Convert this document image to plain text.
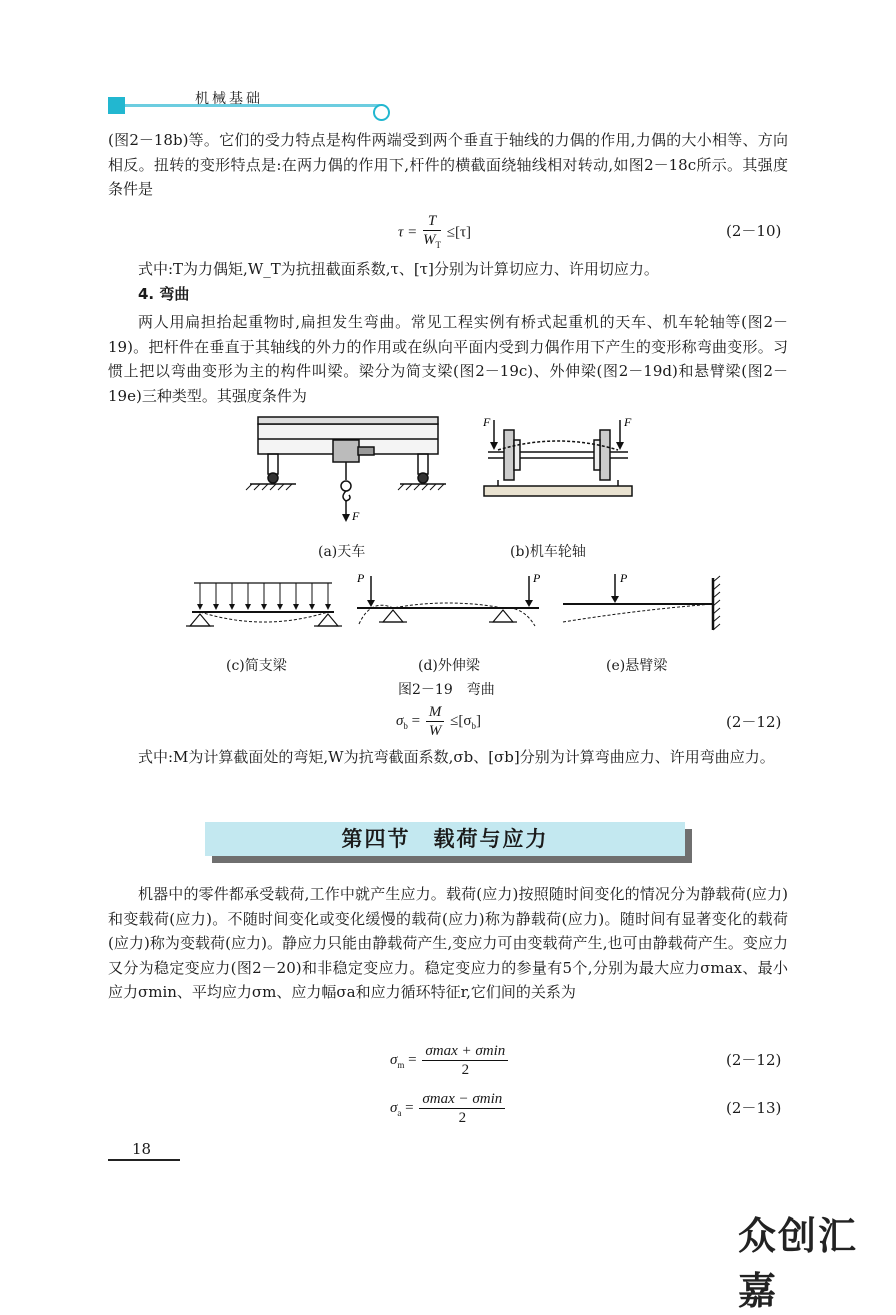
机械基础

(图2－18b)等。它们的受力特点是构件两端受到两个垂直于轴线的力偶的作用,力偶的大小相等、方向相反。扭转的变形特点是:在两力偶的作用下,杆件的横截面绕轴线相对转动,如图2－18c所示。其强度条件是

$\tau = \frac{T}{W_T} \le[\tau]$	(2－10)

式中:T为力偶矩,W_T为抗扭截面系数,τ、[τ]分别为计算切应力、许用切应力。

4. 弯曲

两人用扁担抬起重物时,扁担发生弯曲。常见工程实例有桥式起重机的天车、机车轮轴等(图2－19)。把杆件在垂直于其轴线的外力的作用或在纵向平面内受到力偶作用下产生的变形称弯曲变形。习惯上把以弯曲变形为主的构件叫梁。梁分为简支梁(图2－19c)、外伸梁(图2－19d)和悬臂梁(图2－19e)三种类型。其强度条件为

F
F	F
(a)天车	(b)机车轮轴
P	P	P
(c)简支梁	(d)外伸梁	(e)悬臂梁
图2－19　弯曲
$\sigma_b = \frac{M}{W} \le[\sigma_b]$	(2－12)

式中:M为计算截面处的弯矩,W为抗弯截面系数,σb、[σb]分别为计算弯曲应力、许用弯曲应力。

第四节　载荷与应力

机器中的零件都承受载荷,工作中就产生应力。载荷(应力)按照随时间变化的情况分为静载荷(应力)和变载荷(应力)。不随时间变化或变化缓慢的载荷(应力)称为静载荷(应力)。随时间有显著变化的载荷(应力)称为变载荷(应力)。静应力只能由静载荷产生,变应力可由变载荷产生,也可由静载荷产生。变应力又分为稳定变应力(图2－20)和非稳定变应力。稳定变应力的参量有5个,分别为最大应力σmax、最小应力σmin、平均应力σm、应力幅σa和应力循环特征r,它们间的关系为

$\sigma_m = \frac{\sigma\max + \sigma\min}{2}$	(2－12)
$\sigma_a = \frac{\sigma\max - \sigma\min}{2}$	(2－13)
18
众创汇嘉
